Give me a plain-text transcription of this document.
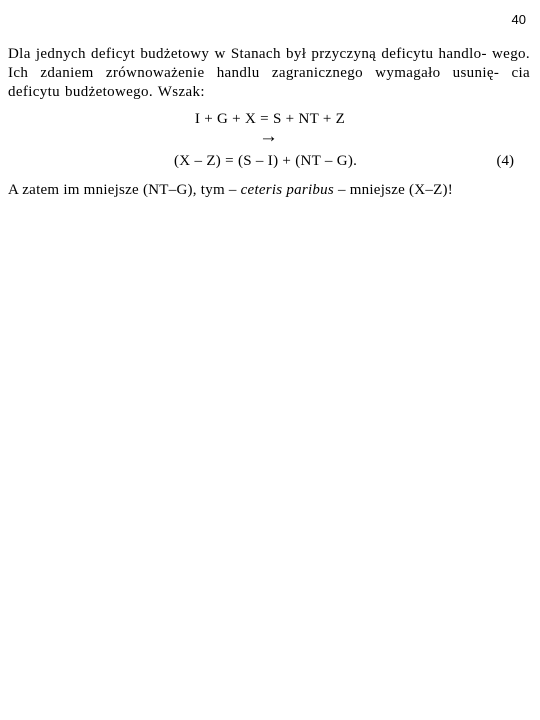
40

Dla jednych deficyt budżetowy w Stanach był przyczyną deficytu handlo- wego. Ich zdaniem zrównoważenie handlu zagranicznego wymagało usunię- cia deficytu budżetowego. Wszak:

I + G + X = S + NT + Z
→
(X – Z) = (S – I) + (NT – G).	(4)

A zatem im mniejsze (NT–G), tym – ceteris paribus – mniejsze (X–Z)!
